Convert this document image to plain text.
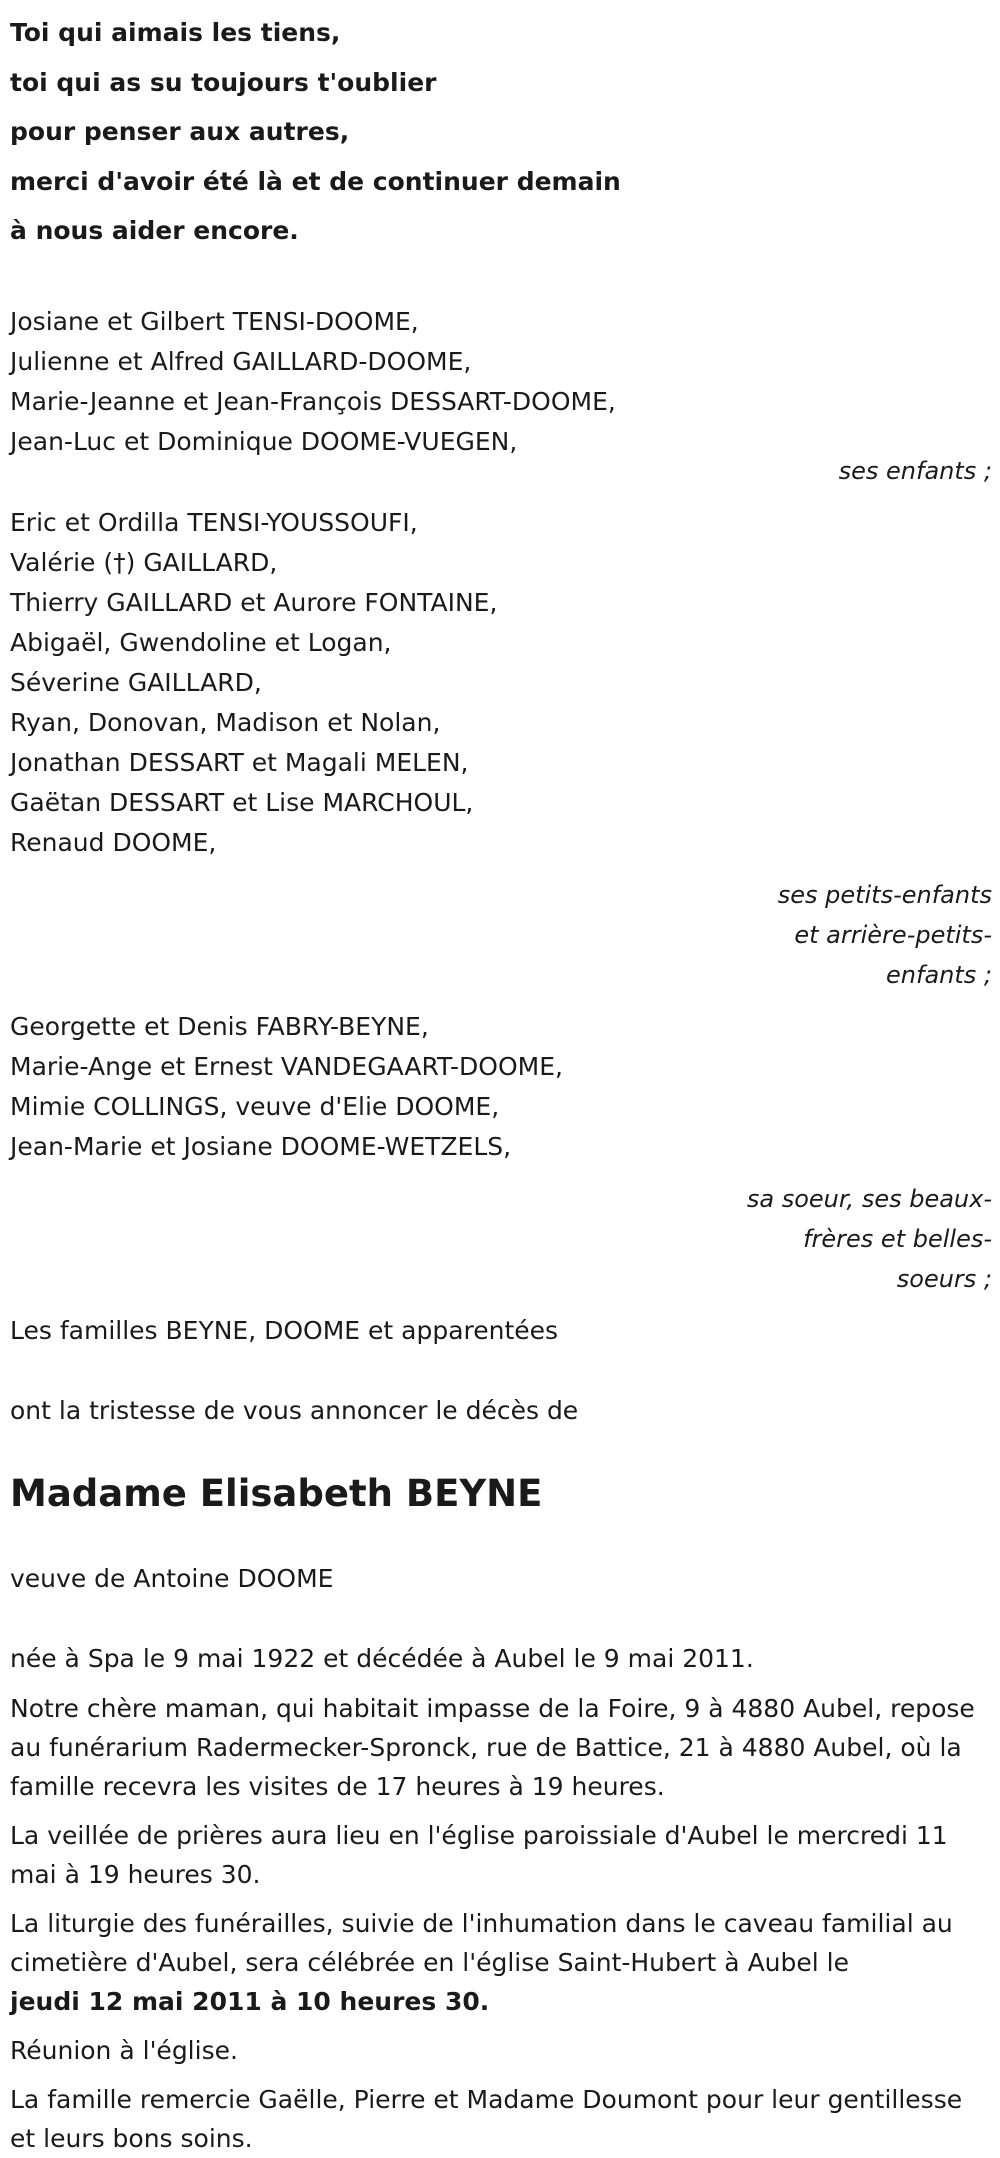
Toi qui aimais les tiens,
toi qui as su toujours t'oublier
pour penser aux autres,
merci d'avoir été là et de continuer demain
à nous aider encore.
Josiane et Gilbert TENSI-DOOME,
Julienne et Alfred GAILLARD-DOOME,
Marie-Jeanne et Jean-François DESSART-DOOME,
Jean-Luc et Dominique DOOME-VUEGEN,
ses enfants ;
Eric et Ordilla TENSI-YOUSSOUFI,
Valérie (†) GAILLARD,
Thierry GAILLARD et Aurore FONTAINE,
Abigaël, Gwendoline et Logan,
Séverine GAILLARD,
Ryan, Donovan, Madison et Nolan,
Jonathan DESSART et Magali MELEN,
Gaëtan DESSART et Lise MARCHOUL,
Renaud DOOME,
ses petits-enfants
et arrière-petits-
enfants ;
Georgette et Denis FABRY-BEYNE,
Marie-Ange et Ernest VANDEGAART-DOOME,
Mimie COLLINGS, veuve d'Elie DOOME,
Jean-Marie et Josiane DOOME-WETZELS,
sa soeur, ses beaux-
frères et belles-
soeurs ;
Les familles BEYNE, DOOME et apparentées
ont la tristesse de vous annoncer le décès de
Madame Elisabeth BEYNE
veuve de Antoine DOOME
née à Spa le 9 mai 1922 et décédée à Aubel le 9 mai 2011.
Notre chère maman, qui habitait impasse de la Foire, 9 à 4880 Aubel, repose au funérarium Radermecker-Spronck, rue de Battice, 21 à 4880 Aubel, où la famille recevra les visites de 17 heures à 19 heures.
La veillée de prières aura lieu en l'église paroissiale d'Aubel le mercredi 11 mai à 19 heures 30.
La liturgie des funérailles, suivie de l'inhumation dans le caveau familial au cimetière d'Aubel, sera célébrée en l'église Saint-Hubert à Aubel le
jeudi 12 mai 2011 à 10 heures 30.
Réunion à l'église.
La famille remercie Gaëlle, Pierre et Madame Doumont pour leur gentillesse et leurs bons soins.
